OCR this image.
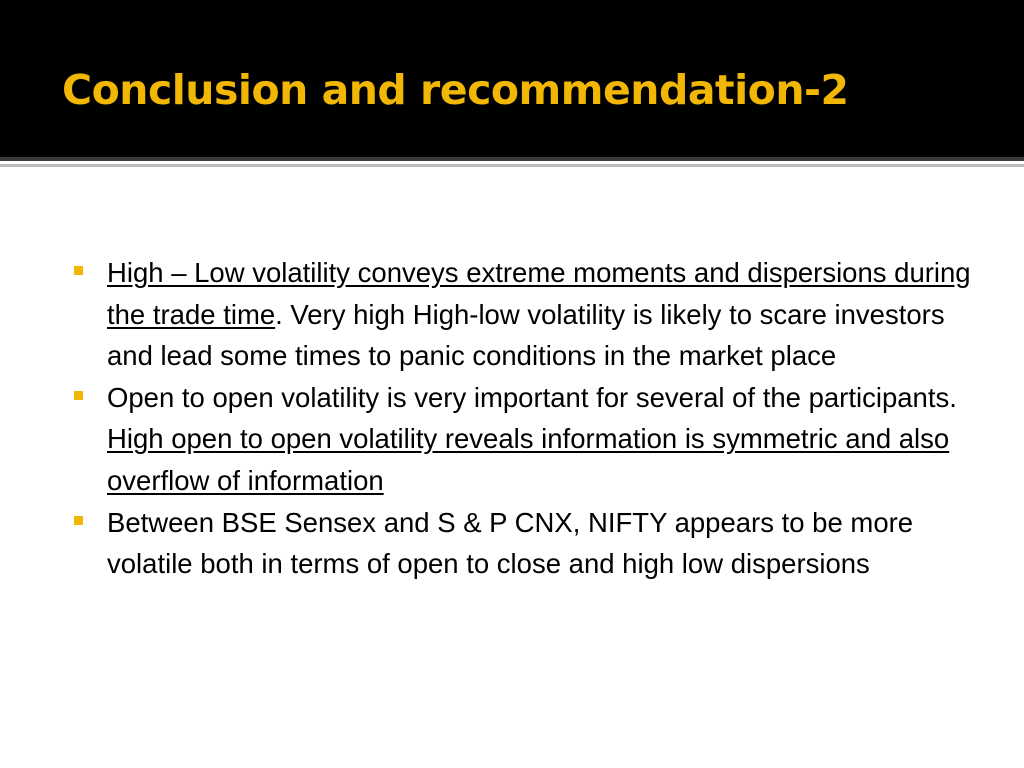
Conclusion and recommendation-2
High – Low volatility conveys extreme moments and dispersions during the trade time. Very high High-low volatility is likely to scare investors and lead some times to panic conditions in the market place
Open to open volatility is very important for several of the participants. High open to open volatility reveals information is symmetric and also overflow of information
Between BSE Sensex and S & P CNX, NIFTY appears to be more volatile both in terms of open to close and high low dispersions
